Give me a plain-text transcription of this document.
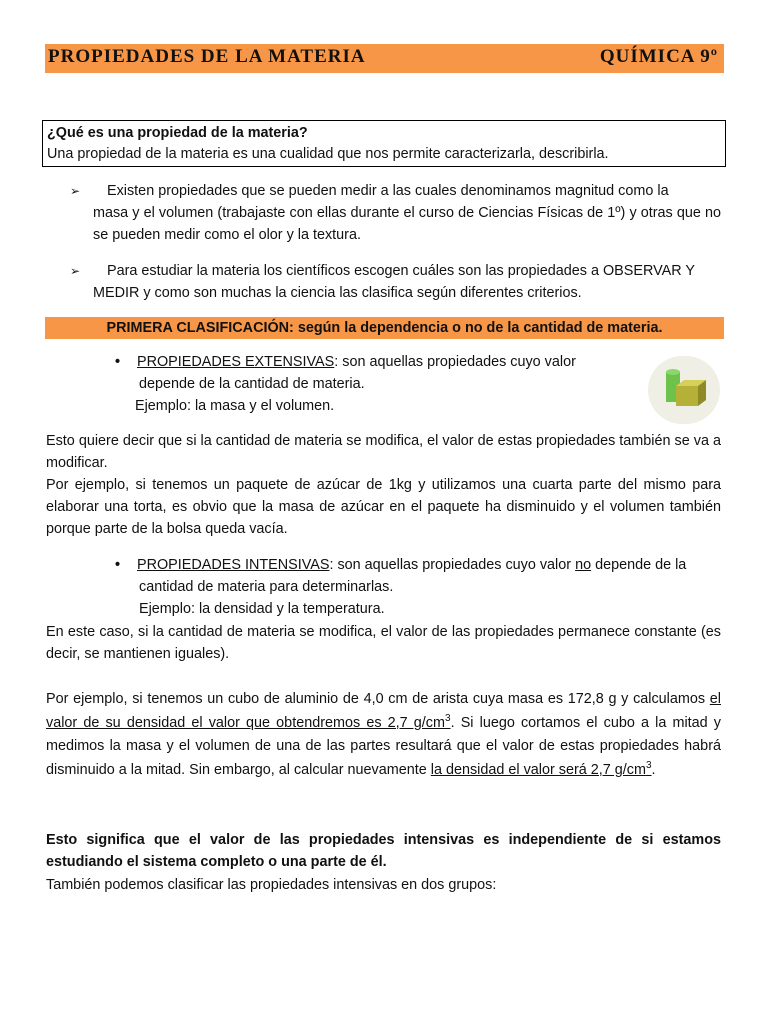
PROPIEDADES DE LA MATERIA	QUÍMICA 9º
¿Qué es una propiedad de la materia?
Una propiedad de la materia es una cualidad que nos permite caracterizarla, describirla.
➢	Existen propiedades que se pueden medir a las cuales denominamos magnitud como la
masa y el volumen (trabajaste con ellas durante el curso de Ciencias Físicas de 1º) y otras que no se pueden medir como el olor y la textura.
➢	Para estudiar la materia los científicos escogen cuáles son las propiedades a OBSERVAR Y
MEDIR y como son muchas la ciencia las clasifica según diferentes criterios.
PRIMERA CLASIFICACIÓN: según la dependencia o no de la cantidad de materia.
• PROPIEDADES EXTENSIVAS: son aquellas propiedades cuyo valor
depende de la cantidad de materia.
Ejemplo: la masa y el volumen.
Esto quiere decir que si la cantidad de materia se modifica, el valor de estas propiedades también se va a modificar.
Por ejemplo, si tenemos un paquete de azúcar de 1kg y utilizamos una cuarta parte del mismo para elaborar una torta, es obvio que la masa de azúcar en el paquete ha disminuido y el volumen también porque parte de la bolsa queda vacía.
• PROPIEDADES INTENSIVAS: son aquellas propiedades cuyo valor no depende de la
cantidad de materia para determinarlas.
Ejemplo: la densidad y la temperatura.
En este caso, si la cantidad de materia se modifica, el valor de las propiedades permanece constante (es decir, se mantienen iguales).
Por ejemplo, si tenemos un cubo de aluminio de 4,0 cm de arista cuya masa es 172,8 g y calculamos el valor de su densidad el valor que obtendremos es 2,7 $g/cm^3$. Si luego cortamos el cubo a la mitad y medimos la masa y el volumen de una de las partes resultará que el valor de estas propiedades habrá disminuido a la mitad. Sin embargo, al calcular nuevamente la densidad el valor será 2,7 $g/cm^3$.
Esto significa que el valor de las propiedades intensivas es independiente de si estamos estudiando el sistema completo o una parte de él.
También podemos clasificar las propiedades intensivas en dos grupos:
